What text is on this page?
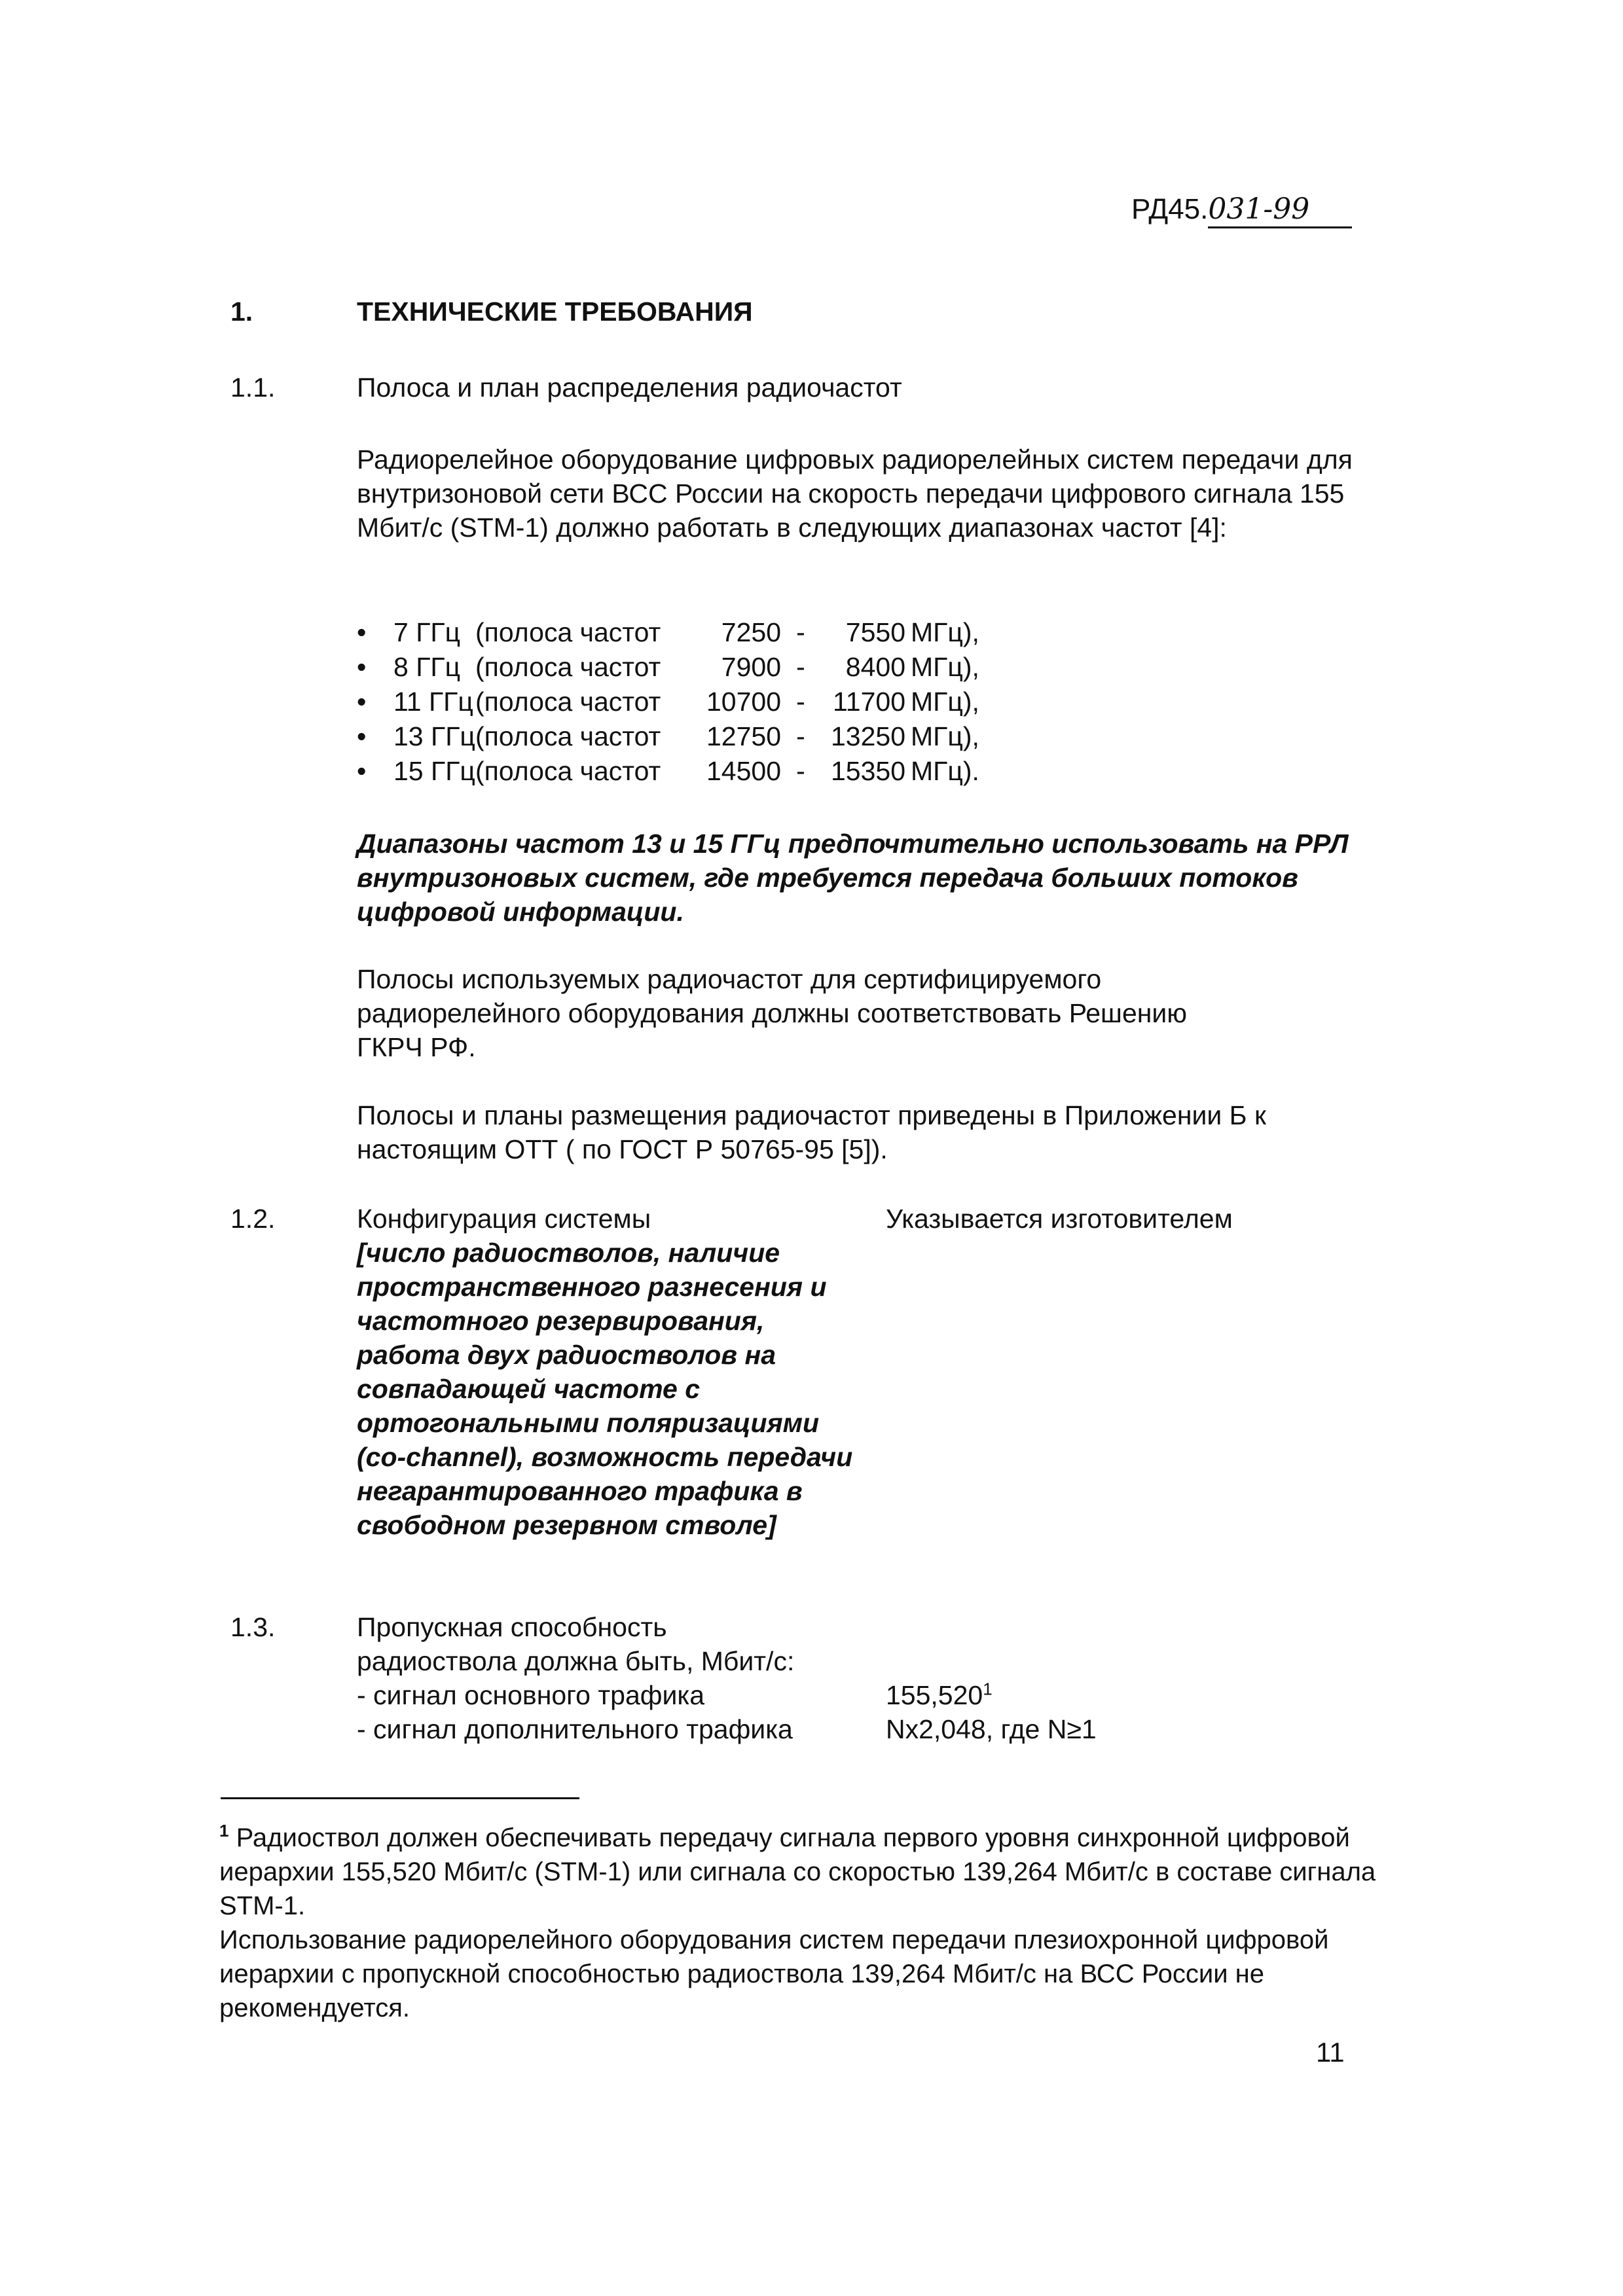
РД45.031-99
1.	ТЕХНИЧЕСКИЕ ТРЕБОВАНИЯ
1.1.	Полоса и план распределения радиочастот
Радиорелейное оборудование цифровых радиорелейных систем передачи для внутризоновой сети ВСС России на скорость передачи цифрового сигнала 155 Мбит/с (STM-1) должно работать в следующих диапазонах частот [4]:
•	7 ГГц (полоса частот	7250 -	7550 МГц),
•	8 ГГц (полоса частот	7900 -	8400 МГц),
•	11 ГГц (полоса частот	10700 -	11700 МГц),
•	13 ГГц (полоса частот	12750 - 13250 МГц),
•	15 ГГц (полоса частот	14500 - 15350 МГц).
Диапазоны частот 13 и 15 ГГц предпочтительно использовать на РРЛ внутризоновых систем, где требуется передача больших потоков цифровой информации.
Полосы используемых радиочастот для сертифицируемого радиорелейного оборудования должны соответствовать Решению ГКРЧ РФ.
Полосы и планы размещения радиочастот приведены в Приложении Б к настоящим ОТТ ( по ГОСТ Р 50765-95 [5]).
1.2.	Конфигурация системы
[число радиостволов, наличие пространственного разнесения и частотного резервирования, работа двух радиостволов на совпадающей частоте с ортогональными поляризациями (co-channel), возможность передачи негарантированного трафика в свободном резервном стволе]
Указывается изготовителем
1.3.	Пропускная способность
радиоствола должна быть, Мбит/с:
- сигнал основного трафика	155,520$^1$
- сигнал дополнительного трафика	Nx2,048, где N≥1
$^1$ Радиоствол должен обеспечивать передачу сигнала первого уровня синхронной цифровой иерархии 155,520 Мбит/с (STM-1) или сигнала со скоростью 139,264 Мбит/с в составе сигнала STM-1.
Использование радиорелейного оборудования систем передачи плезиохронной цифровой иерархии с пропускной способностью радиоствола 139,264 Мбит/с на ВСС России не рекомендуется.
11
